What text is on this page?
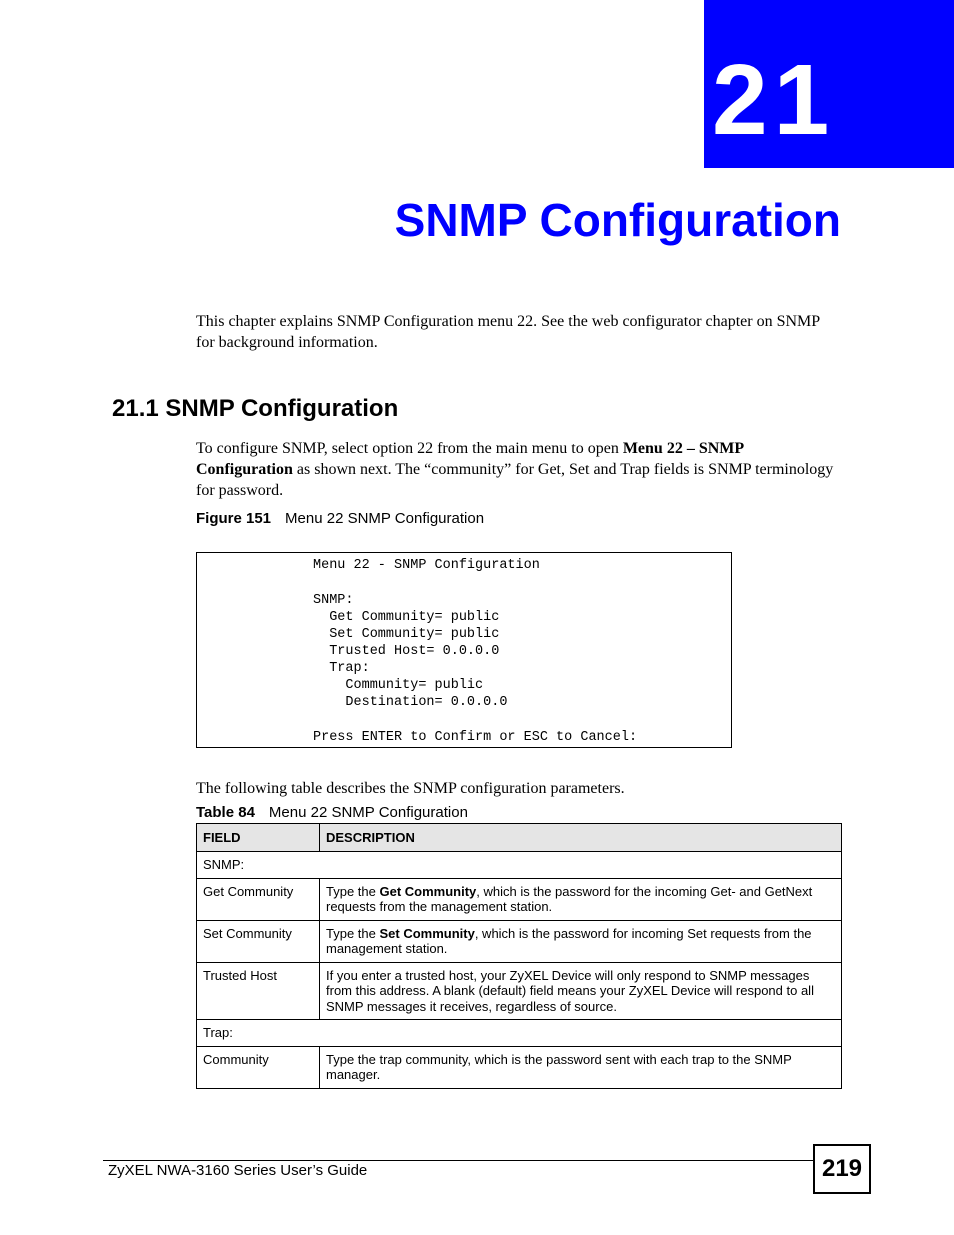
21
SNMP Configuration
This chapter explains SNMP Configuration menu 22. See the web configurator chapter on SNMP for background information.
21.1 SNMP Configuration
To configure SNMP, select option 22 from the main menu to open Menu 22 – SNMP Configuration as shown next. The “community” for Get, Set and Trap fields is SNMP terminology for password.
Figure 151 Menu 22 SNMP Configuration
Menu 22 - SNMP Configuration
SNMP:
Get Community= public
Set Community= public
Trusted Host= 0.0.0.0
Trap:
Community= public
Destination= 0.0.0.0
Press ENTER to Confirm or ESC to Cancel:
The following table describes the SNMP configuration parameters.
Table 84 Menu 22 SNMP Configuration
FIELD	DESCRIPTION
SNMP:	
Get Community	Type the Get Community, which is the password for the incoming Get- and GetNext requests from the management station.
Set Community	Type the Set Community, which is the password for incoming Set requests from the management station.
Trusted Host	If you enter a trusted host, your ZyXEL Device will only respond to SNMP messages from this address. A blank (default) field means your ZyXEL Device will respond to all SNMP messages it receives, regardless of source.
Trap:	
Community	Type the trap community, which is the password sent with each trap to the SNMP manager.
ZyXEL NWA-3160 Series User’s Guide	219
